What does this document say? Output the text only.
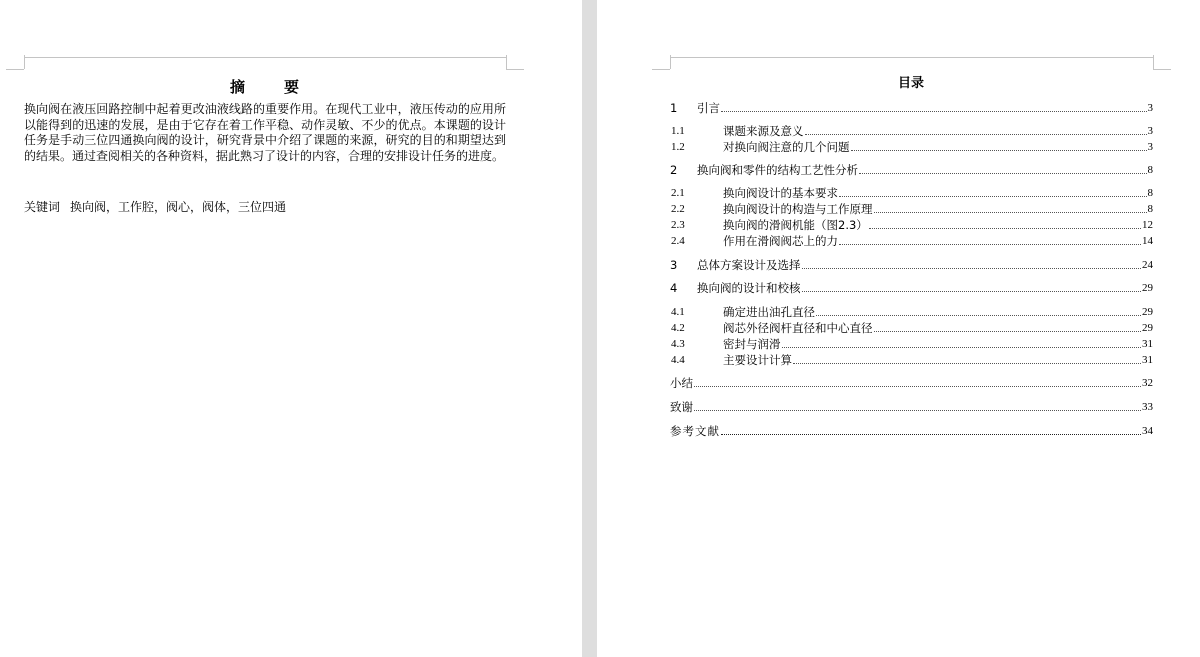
摘	要

换向阀在液压回路控制中起着更改油液线路的重要作用。在现代工业中，液压传动的应用所以能得到的迅速的发展，是由于它存在着工作平稳、动作灵敏、不少的优点。本课题的设计任务是手动三位四通换向阀的设计，研究背景中介绍了课题的来源，研究的目的和期望达到的结果。通过查阅相关的各种资料，据此熟习了设计的内容，合理的安排设计任务的进度。

关键词 换向阀，工作腔，阀心，阀体，三位四通
目录
1	引言	3
1.1	课题来源及意义	3
1.2	对换向阀注意的几个问题	3
2	换向阀和零件的结构工艺性分析	8
2.1	换向阀设计的基本要求	8
2.2	换向阀设计的构造与工作原理	8
2.3	换向阀的滑阀机能（图2.3）	12
2.4	作用在滑阀阀芯上的力	14
3	总体方案设计及选择	24
4	换向阀的设计和校核	29
4.1	确定进出油孔直径	29
4.2	阀芯外径阀杆直径和中心直径	29
4.3	密封与润滑	31
4.4	主要设计计算	31
小结	32
致谢	33
参考文献	34
